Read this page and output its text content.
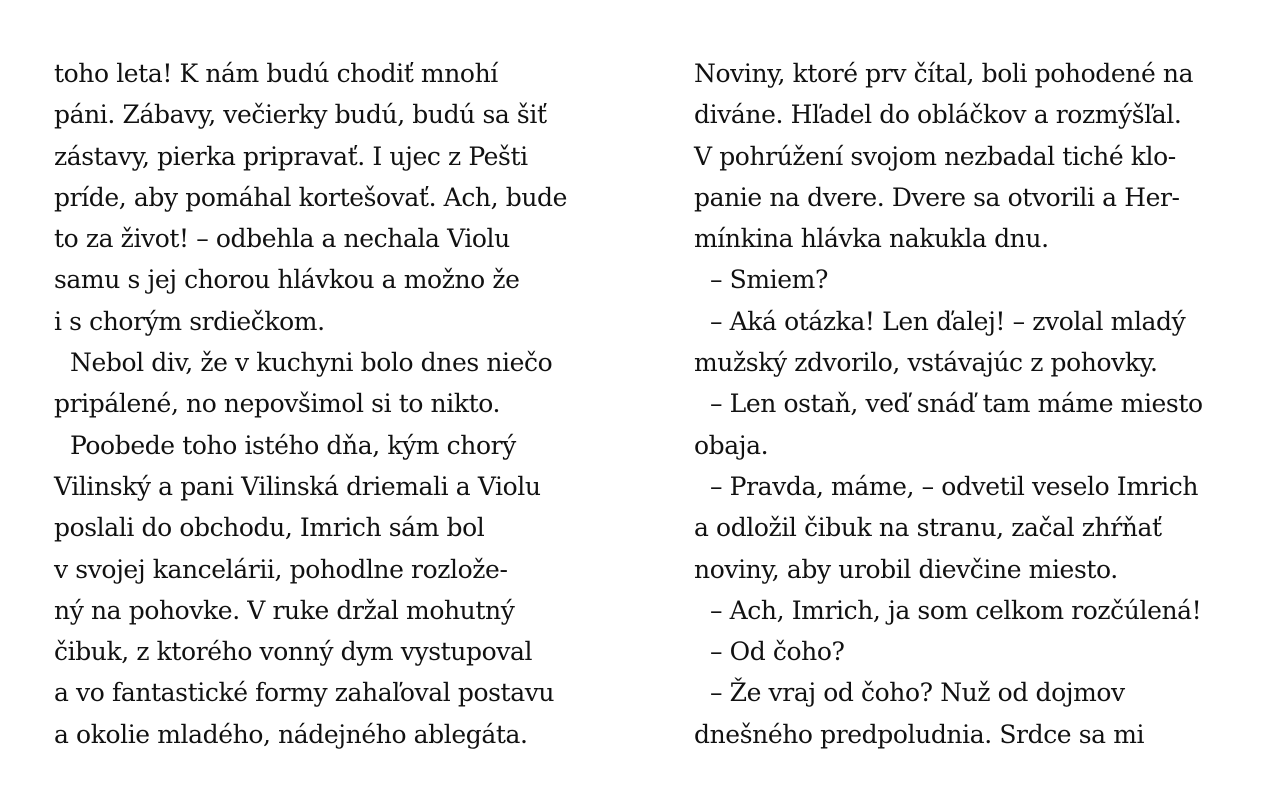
toho leta! K nám budú chodiť mnohí
páni. Zábavy, večierky budú, budú sa šiť
zástavy, pierka pripravať. I ujec z Pešti
príde, aby pomáhal kortešovať. Ach, bude
to za život! – odbehla a nechala Violu
samu s jej chorou hlávkou a možno že
i s chorým srdiečkom.
Nebol div, že v kuchyni bolo dnes niečo
pripálené, no nepovšimol si to nikto.
Poobede toho istého dňa, kým chorý
Vilinský a pani Vilinská driemali a Violu
poslali do obchodu, Imrich sám bol
v svojej kancelárii, pohodlne rozlože-
ný na pohovke. V ruke držal mohutný
čibuk, z ktorého vonný dym vystupoval
a vo fantastické formy zahaľoval postavu
a okolie mladého, nádejného ablegáta.
Noviny, ktoré prv čítal, boli pohodené na
diváne. Hľadel do obláčkov a rozmýšľal.
V pohrúžení svojom nezbadal tiché klo-
panie na dvere. Dvere sa otvorili a Her-
mínkina hlávka nakukla dnu.
– Smiem?
– Aká otázka! Len ďalej! – zvolal mladý
mužský zdvorilo, vstávajúc z pohovky.
– Len ostaň, veď snáď tam máme miesto
obaja.
– Pravda, máme, – odvetil veselo Imrich
a odložil čibuk na stranu, začal zhŕňať
noviny, aby urobil dievčine miesto.
– Ach, Imrich, ja som celkom rozčúlená!
– Od čoho?
– Že vraj od čoho? Nuž od dojmov
dnešného predpoludnia. Srdce sa mi
